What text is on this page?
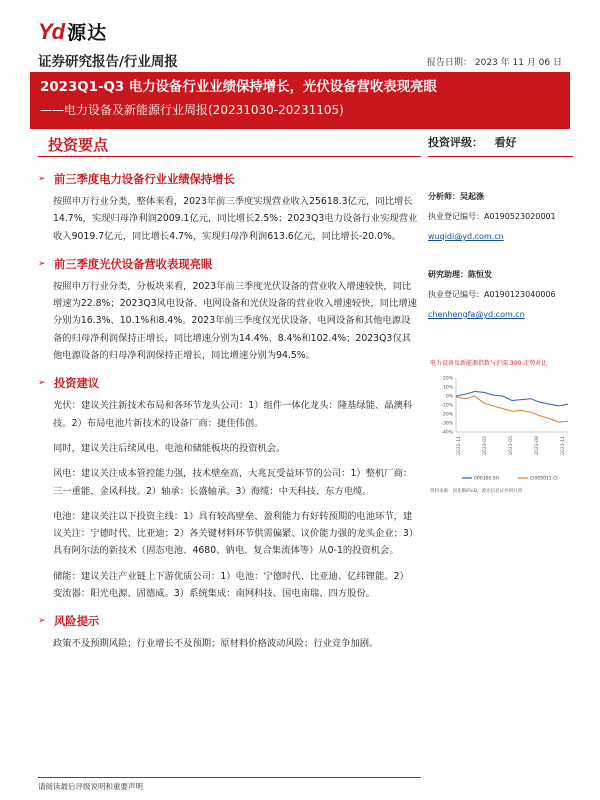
Yd 源达
证券研究报告/行业周报	报告日期： 2023 年 11 月 06 日
2023Q1-Q3 电力设备行业业绩保持增长，光伏设备营收表现亮眼
——电力设备及新能源行业周报(20231030-20231105)
投资要点
➢ 前三季度电力设备行业业绩保持增长

按照申万行业分类，整体来看，2023年前三季度实现营业收入25618.3亿元，同比增长14.7%，实现归母净利润2009.1亿元，同比增长2.5%；2023Q3电力设备行业实现营业收入9019.7亿元，同比增长4.7%，实现归母净利润613.6亿元，同比增长-20.0%。

➢ 前三季度光伏设备营收表现亮眼

按照申万行业分类，分板块来看，2023年前三季度光伏设备的营业收入增速较快，同比增速为22.8%；2023Q3风电设备、电网设备和光伏设备的营业收入增速较快，同比增速分别为16.3%、10.1%和8.4%。2023年前三季度仅光伏设备、电网设备和其他电源设备的归母净利润保持正增长，同比增速分别为14.4%、8.4%和102.4%；2023Q3仅其他电源设备的归母净利润保持正增长，同比增速分别为94.5%。

➢ 投资建议

光伏：建议关注新技术布局和各环节龙头公司：1）组件一体化龙头：隆基绿能、晶澳科技。2）布局电池片新技术的设备厂商：捷佳伟创。

同时，建议关注后续风电、电池和储能板块的投资机会。

风电：建议关注成本管控能力强，技术壁垒高，大兆瓦受益环节的公司：1）整机厂商：三一重能、金风科技。2）轴承：长盛轴承。3）海缆：中天科技、东方电缆。

电池：建议关注以下投资主线：1）具有较高壁垒、盈利能力有好转预期的电池环节，建议关注：宁德时代、比亚迪；2）各关键材料环节供需偏紧、议价能力强的龙头企业；3）具有阿尔法的新技术（固态电池、4680、钠电、复合集流体等）从0-1的投资机会。

储能：建议关注产业链上下游优质公司：1）电池：宁德时代、比亚迪、亿纬锂能。2）变流器：阳光电源、固德威。3）系统集成：南网科技、国电南瑞、四方股份。

➢ 风险提示

政策不及预期风险；行业增长不及预期；原材料价格波动风险；行业竞争加剧。

投资评级： 看好
分析师：吴起涤
执业登记编号：A0190523020001
wuqidi@yd.com.cn
研究助理：陈恒发
执业登记编号：A0190123040006
chenhengfa@yd.com.cn
电力设备及新能源指数与沪深 300 走势对比
20%
10%
0%
-10%
-20%
-30%
-40%
2022-11	2023-02	2023-05	2023-08	2023-11
000300.SH	CI005011.CI
资料来源：同花顺iFinD，源达信息证券研究所
请阅读最后评级说明和重要声明
